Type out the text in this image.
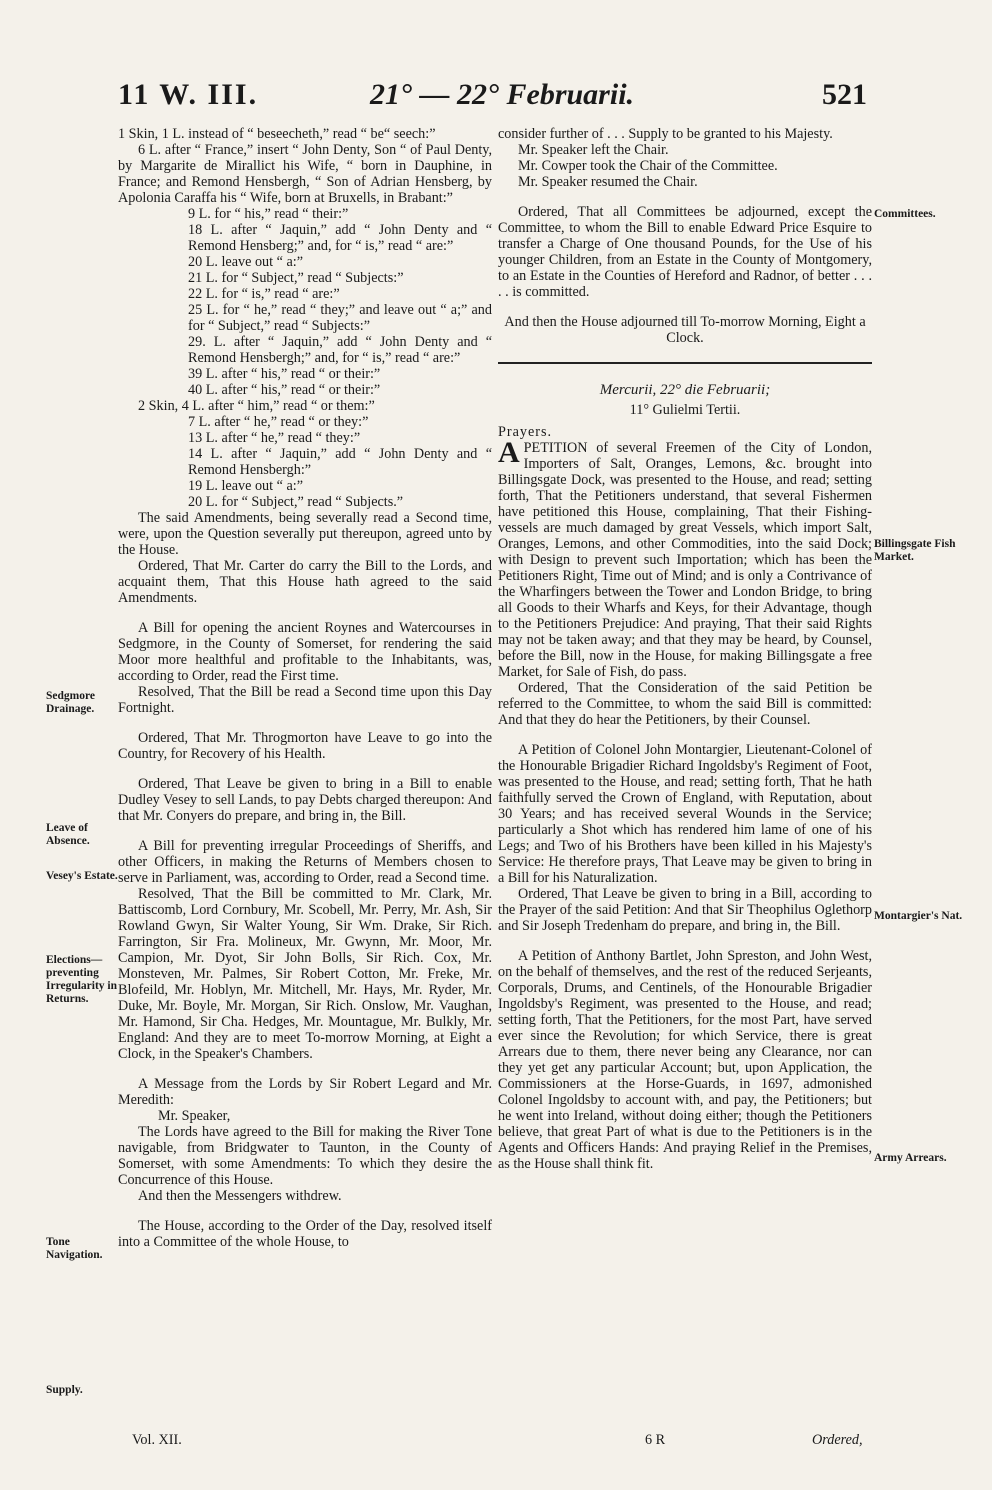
11 W. III.	21° — 22° Februarii.	521
Sedgmore Drainage.
Leave of Absence.
Vesey's Estate.
Elections— preventing Irregularity in Returns.
Tone Navigation.
Supply.
Committees.
Billingsgate Fish Market.
Montargier's Nat.
Army Arrears.

1 Skin, 1 L. instead of “ beseecheth,” read “ be“ seech:”

6 L. after “ France,” insert “ John Denty, Son “ of Paul Denty, by Margarite de Mirallict his Wife, “ born in Dauphine, in France; and Remond Hensbergh, “ Son of Adrian Hensberg, by Apolonia Caraffa his “ Wife, born at Bruxells, in Brabant:”

9 L. for “ his,” read “ their:”

18 L. after “ Jaquin,” add “ John Denty and “ Remond Hensberg;” and, for “ is,” read “ are:”

20 L. leave out “ a:”

21 L. for “ Subject,” read “ Subjects:”

22 L. for “ is,” read “ are:”

25 L. for “ he,” read “ they;” and leave out “ a;” and for “ Subject,” read “ Subjects:”

29. L. after “ Jaquin,” add “ John Denty and “ Remond Hensbergh;” and, for “ is,” read “ are:”

39 L. after “ his,” read “ or their:”

40 L. after “ his,” read “ or their:”

2 Skin, 4 L. after “ him,” read “ or them:”

7 L. after “ he,” read “ or they:”

13 L. after “ he,” read “ they:”

14 L. after “ Jaquin,” add “ John Denty and “ Remond Hensbergh:”

19 L. leave out “ a:”

20 L. for “ Subject,” read “ Subjects.”

The said Amendments, being severally read a Second time, were, upon the Question severally put thereupon, agreed unto by the House.

Ordered, That Mr. Carter do carry the Bill to the Lords, and acquaint them, That this House hath agreed to the said Amendments.

A Bill for opening the ancient Roynes and Watercourses in Sedgmore, in the County of Somerset, for rendering the said Moor more healthful and profitable to the Inhabitants, was, according to Order, read the First time.

Resolved, That the Bill be read a Second time upon this Day Fortnight.

Ordered, That Mr. Throgmorton have Leave to go into the Country, for Recovery of his Health.

Ordered, That Leave be given to bring in a Bill to enable Dudley Vesey to sell Lands, to pay Debts charged thereupon: And that Mr. Conyers do prepare, and bring in, the Bill.

A Bill for preventing irregular Proceedings of Sheriffs, and other Officers, in making the Returns of Members chosen to serve in Parliament, was, according to Order, read a Second time.

Resolved, That the Bill be committed to Mr. Clark, Mr. Battiscomb, Lord Cornbury, Mr. Scobell, Mr. Perry, Mr. Ash, Sir Rowland Gwyn, Sir Walter Young, Sir Wm. Drake, Sir Rich. Farrington, Sir Fra. Molineux, Mr. Gwynn, Mr. Moor, Mr. Campion, Mr. Dyot, Sir John Bolls, Sir Rich. Cox, Mr. Monsteven, Mr. Palmes, Sir Robert Cotton, Mr. Freke, Mr. Blofeild, Mr. Hoblyn, Mr. Mitchell, Mr. Hays, Mr. Ryder, Mr. Duke, Mr. Boyle, Mr. Morgan, Sir Rich. Onslow, Mr. Vaughan, Mr. Hamond, Sir Cha. Hedges, Mr. Mountague, Mr. Bulkly, Mr. England: And they are to meet To-morrow Morning, at Eight a Clock, in the Speaker's Chambers.

A Message from the Lords by Sir Robert Legard and Mr. Meredith:

Mr. Speaker,

The Lords have agreed to the Bill for making the River Tone navigable, from Bridgwater to Taunton, in the County of Somerset, with some Amendments: To which they desire the Concurrence of this House.

And then the Messengers withdrew.

The House, according to the Order of the Day, resolved itself into a Committee of the whole House, to

consider further of . . . Supply to be granted to his Majesty.

Mr. Speaker left the Chair.

Mr. Cowper took the Chair of the Committee.

Mr. Speaker resumed the Chair.

Ordered, That all Committees be adjourned, except the Committee, to whom the Bill to enable Edward Price Esquire to transfer a Charge of One thousand Pounds, for the Use of his younger Children, from an Estate in the County of Montgomery, to an Estate in the Counties of Hereford and Radnor, of better . . . . . is committed.

And then the House adjourned till To-morrow Morning, Eight a Clock.

Mercurii, 22° die Februarii;

11° Gulielmi Tertii.

Prayers.

APETITION of several Freemen of the City of London, Importers of Salt, Oranges, Lemons, &c. brought into Billingsgate Dock, was presented to the House, and read; setting forth, That the Petitioners understand, that several Fishermen have petitioned this House, complaining, That their Fishing-vessels are much damaged by great Vessels, which import Salt, Oranges, Lemons, and other Commodities, into the said Dock; with Design to prevent such Importation; which has been the Petitioners Right, Time out of Mind; and is only a Contrivance of the Wharfingers between the Tower and London Bridge, to bring all Goods to their Wharfs and Keys, for their Advantage, though to the Petitioners Prejudice: And praying, That their said Rights may not be taken away; and that they may be heard, by Counsel, before the Bill, now in the House, for making Billingsgate a free Market, for Sale of Fish, do pass.

Ordered, That the Consideration of the said Petition be referred to the Committee, to whom the said Bill is committed: And that they do hear the Petitioners, by their Counsel.

A Petition of Colonel John Montargier, Lieutenant-Colonel of the Honourable Brigadier Richard Ingoldsby's Regiment of Foot, was presented to the House, and read; setting forth, That he hath faithfully served the Crown of England, with Reputation, about 30 Years; and has received several Wounds in the Service; particularly a Shot which has rendered him lame of one of his Legs; and Two of his Brothers have been killed in his Majesty's Service: He therefore prays, That Leave may be given to bring in a Bill for his Naturalization.

Ordered, That Leave be given to bring in a Bill, according to the Prayer of the said Petition: And that Sir Theophilus Oglethorp and Sir Joseph Tredenham do prepare, and bring in, the Bill.

A Petition of Anthony Bartlet, John Spreston, and John West, on the behalf of themselves, and the rest of the reduced Serjeants, Corporals, Drums, and Centinels, of the Honourable Brigadier Ingoldsby's Regiment, was presented to the House, and read; setting forth, That the Petitioners, for the most Part, have served ever since the Revolution; for which Service, there is great Arrears due to them, there never being any Clearance, nor can they yet get any particular Account; but, upon Application, the Commissioners at the Horse-Guards, in 1697, admonished Colonel Ingoldsby to account with, and pay, the Petitioners; but he went into Ireland, without doing either; though the Petitioners believe, that great Part of what is due to the Petitioners is in the Agents and Officers Hands: And praying Relief in the Premises, as the House shall think fit.

Vol. XII.	6 R	Ordered,
